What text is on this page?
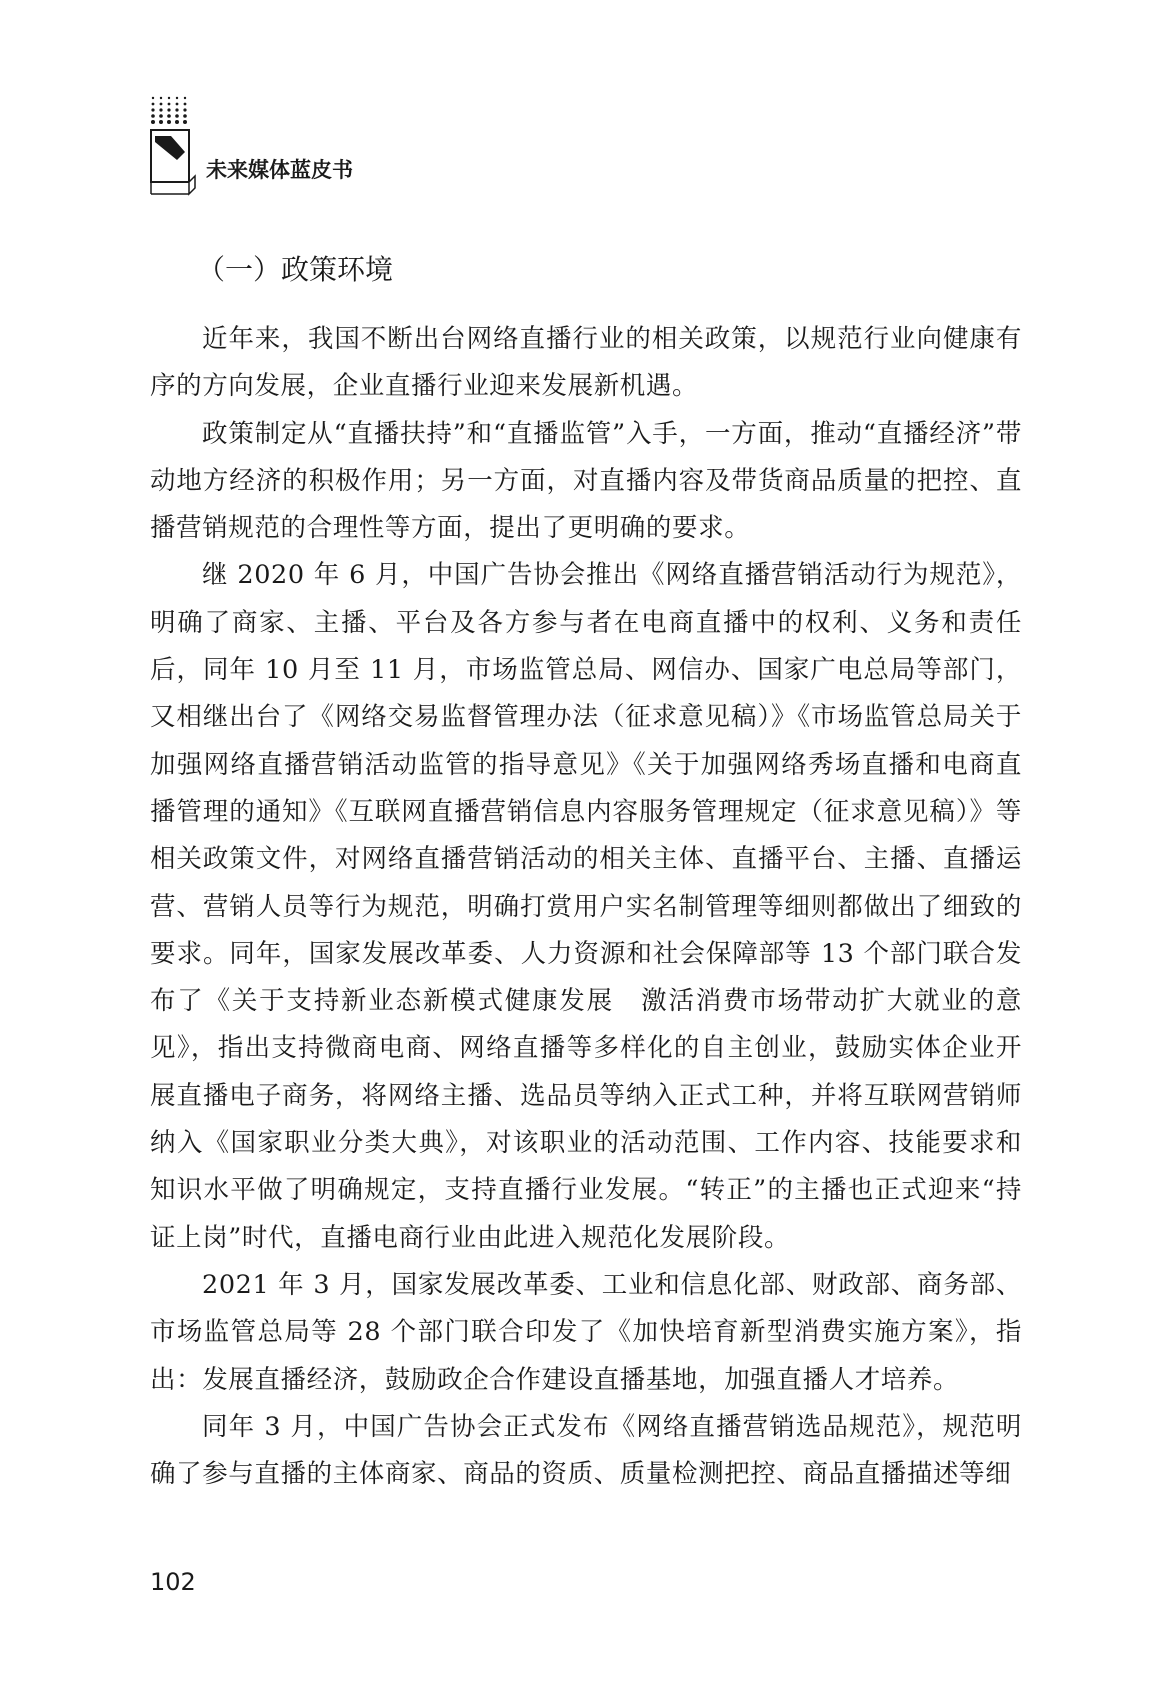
未来媒体蓝皮书
（一）政策环境

近年来，我国不断出台网络直播行业的相关政策，以规范行业向健康有序的方向发展，企业直播行业迎来发展新机遇。

政策制定从“直播扶持”和“直播监管”入手，一方面，推动“直播经济”带动地方经济的积极作用；另一方面，对直播内容及带货商品质量的把控、直播营销规范的合理性等方面，提出了更明确的要求。

继 2020 年 6 月，中国广告协会推出《网络直播营销活动行为规范》，明确了商家、主播、平台及各方参与者在电商直播中的权利、义务和责任后，同年 10 月至 11 月，市场监管总局、网信办、国家广电总局等部门，又相继出台了《网络交易监督管理办法（征求意见稿）》《市场监管总局关于加强网络直播营销活动监管的指导意见》《关于加强网络秀场直播和电商直播管理的通知》《互联网直播营销信息内容服务管理规定（征求意见稿）》等相关政策文件，对网络直播营销活动的相关主体、直播平台、主播、直播运营、营销人员等行为规范，明确打赏用户实名制管理等细则都做出了细致的要求。同年，国家发展改革委、人力资源和社会保障部等 13 个部门联合发布了《关于支持新业态新模式健康发展　激活消费市场带动扩大就业的意见》，指出支持微商电商、网络直播等多样化的自主创业，鼓励实体企业开展直播电子商务，将网络主播、选品员等纳入正式工种，并将互联网营销师纳入《国家职业分类大典》，对该职业的活动范围、工作内容、技能要求和知识水平做了明确规定，支持直播行业发展。“转正”的主播也正式迎来“持证上岗”时代，直播电商行业由此进入规范化发展阶段。

2021 年 3 月，国家发展改革委、工业和信息化部、财政部、商务部、市场监管总局等 28 个部门联合印发了《加快培育新型消费实施方案》，指出：发展直播经济，鼓励政企合作建设直播基地，加强直播人才培养。

同年 3 月，中国广告协会正式发布《网络直播营销选品规范》，规范明确了参与直播的主体商家、商品的资质、质量检测把控、商品直播描述等细

102
